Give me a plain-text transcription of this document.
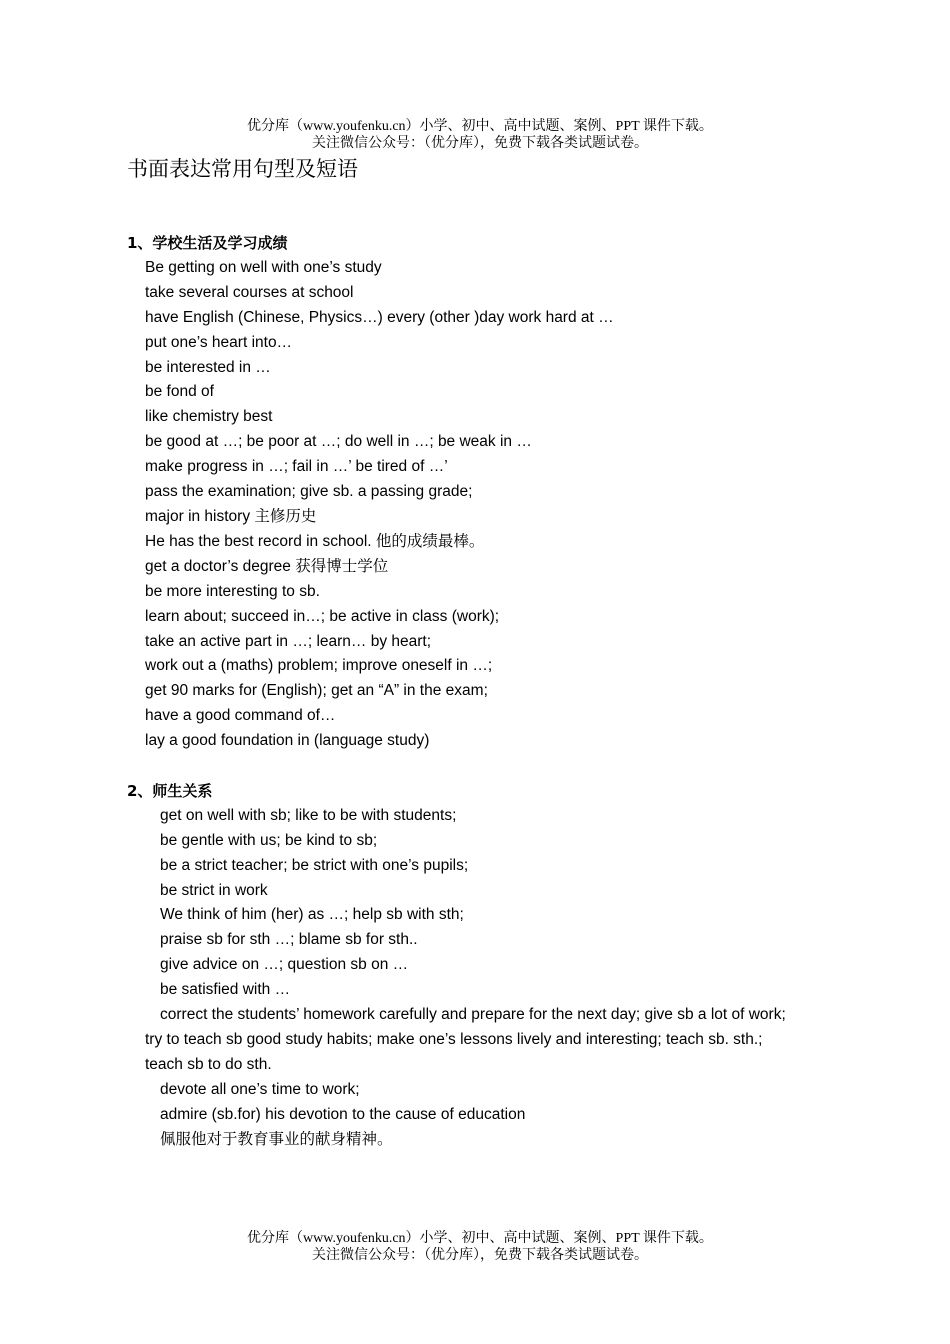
优分库（www.youfenku.cn）小学、初中、高中试题、案例、PPT 课件下载。
关注微信公众号：（优分库），免费下载各类试题试卷。
书面表达常用句型及短语
1、学校生活及学习成绩
Be getting on well with one’s study
take several courses at school
have English (Chinese, Physics…) every (other )day work hard at …
put one’s heart into…
be interested in …
be fond of
like chemistry best
be good at …; be poor at …; do well in …; be weak in …
make progress in …; fail in …’ be tired of …’
pass the examination; give sb. a passing grade;
major in history 主修历史
He has the best record in school. 他的成绩最棒。
get a doctor’s degree 获得博士学位
be more interesting to sb.
learn about; succeed in…; be active in class (work);
take an active part in …; learn… by heart;
work out a (maths) problem; improve oneself in …;
get 90 marks for (English); get an “A” in the exam;
have a good command of…
lay a good foundation in (language study)
2、师生关系
get on well with sb; like to be with students;
be gentle with us; be kind to sb;
be a strict teacher; be strict with one’s pupils;
be strict in work
We think of him (her) as …; help sb with sth;
praise sb for sth …; blame sb for sth..
give advice on …; question sb on …
be satisfied with …
correct the students’ homework carefully and prepare for the next day; give sb a lot of work;
try to teach sb good study habits; make one’s lessons lively and interesting; teach sb. sth.;
teach sb to do sth.
devote all one’s time to work;
admire (sb.for) his devotion to the cause of education
佩服他对于教育事业的献身精神。
优分库（www.youfenku.cn）小学、初中、高中试题、案例、PPT 课件下载。
关注微信公众号：（优分库），免费下载各类试题试卷。
